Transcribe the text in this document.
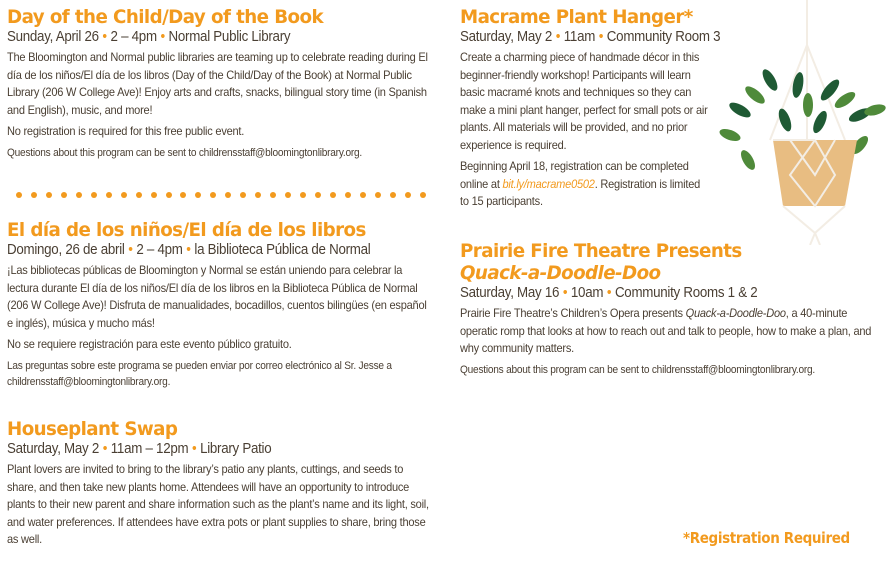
Day of the Child/Day of the Book
Sunday, April 26 • 2 – 4pm • Normal Public Library

The Bloomington and Normal public libraries are teaming up to celebrate reading during El día de los niños/El día de los libros (Day of the Child/Day of the Book) at Normal Public Library (206 W College Ave)! Enjoy arts and crafts, snacks, bilingual story time (in Spanish and English), music, and more!

No registration is required for this free public event.

Questions about this program can be sent to childrensstaff@bloomingtonlibrary.org.

El día de los niños/El día de los libros
Domingo, 26 de abril • 2 – 4pm • la Biblioteca Pública de Normal

¡Las bibliotecas públicas de Bloomington y Normal se están uniendo para celebrar la lectura durante El día de los niños/El día de los libros en la Biblioteca Pública de Normal (206 W College Ave)! Disfruta de manualidades, bocadillos, cuentos bilingües (en español e inglés), música y mucho más!

No se requiere registración para este evento público gratuito.

Las preguntas sobre este programa se pueden enviar por correo electrónico al Sr. Jesse a childrensstaff@bloomingtonlibrary.org.

Houseplant Swap
Saturday, May 2 • 11am – 12pm • Library Patio

Plant lovers are invited to bring to the library’s patio any plants, cuttings, and seeds to share, and then take new plants home. Attendees will have an opportunity to introduce plants to their new parent and share information such as the plant’s name and its light, soil, and water preferences. If attendees have extra pots or plant supplies to share, bring those as well.

Macrame Plant Hanger*
Saturday, May 2 • 11am • Community Room 3

Create a charming piece of handmade décor in this beginner-friendly workshop! Participants will learn basic macramé knots and techniques so they can make a mini plant hanger, perfect for small pots or air plants. All materials will be provided, and no prior experience is required.

Beginning April 18, registration can be completed online at bit.ly/macrame0502. Registration is limited to 15 participants.

Prairie Fire Theatre Presents
Quack-a-Doodle-Doo
Saturday, May 16 • 10am • Community Rooms 1 & 2

Prairie Fire Theatre’s Children’s Opera presents Quack-a-Doodle-Doo, a 40-minute operatic romp that looks at how to reach out and talk to people, how to make a plan, and why community matters.

Questions about this program can be sent to childrensstaff@bloomingtonlibrary.org.

*Registration Required
